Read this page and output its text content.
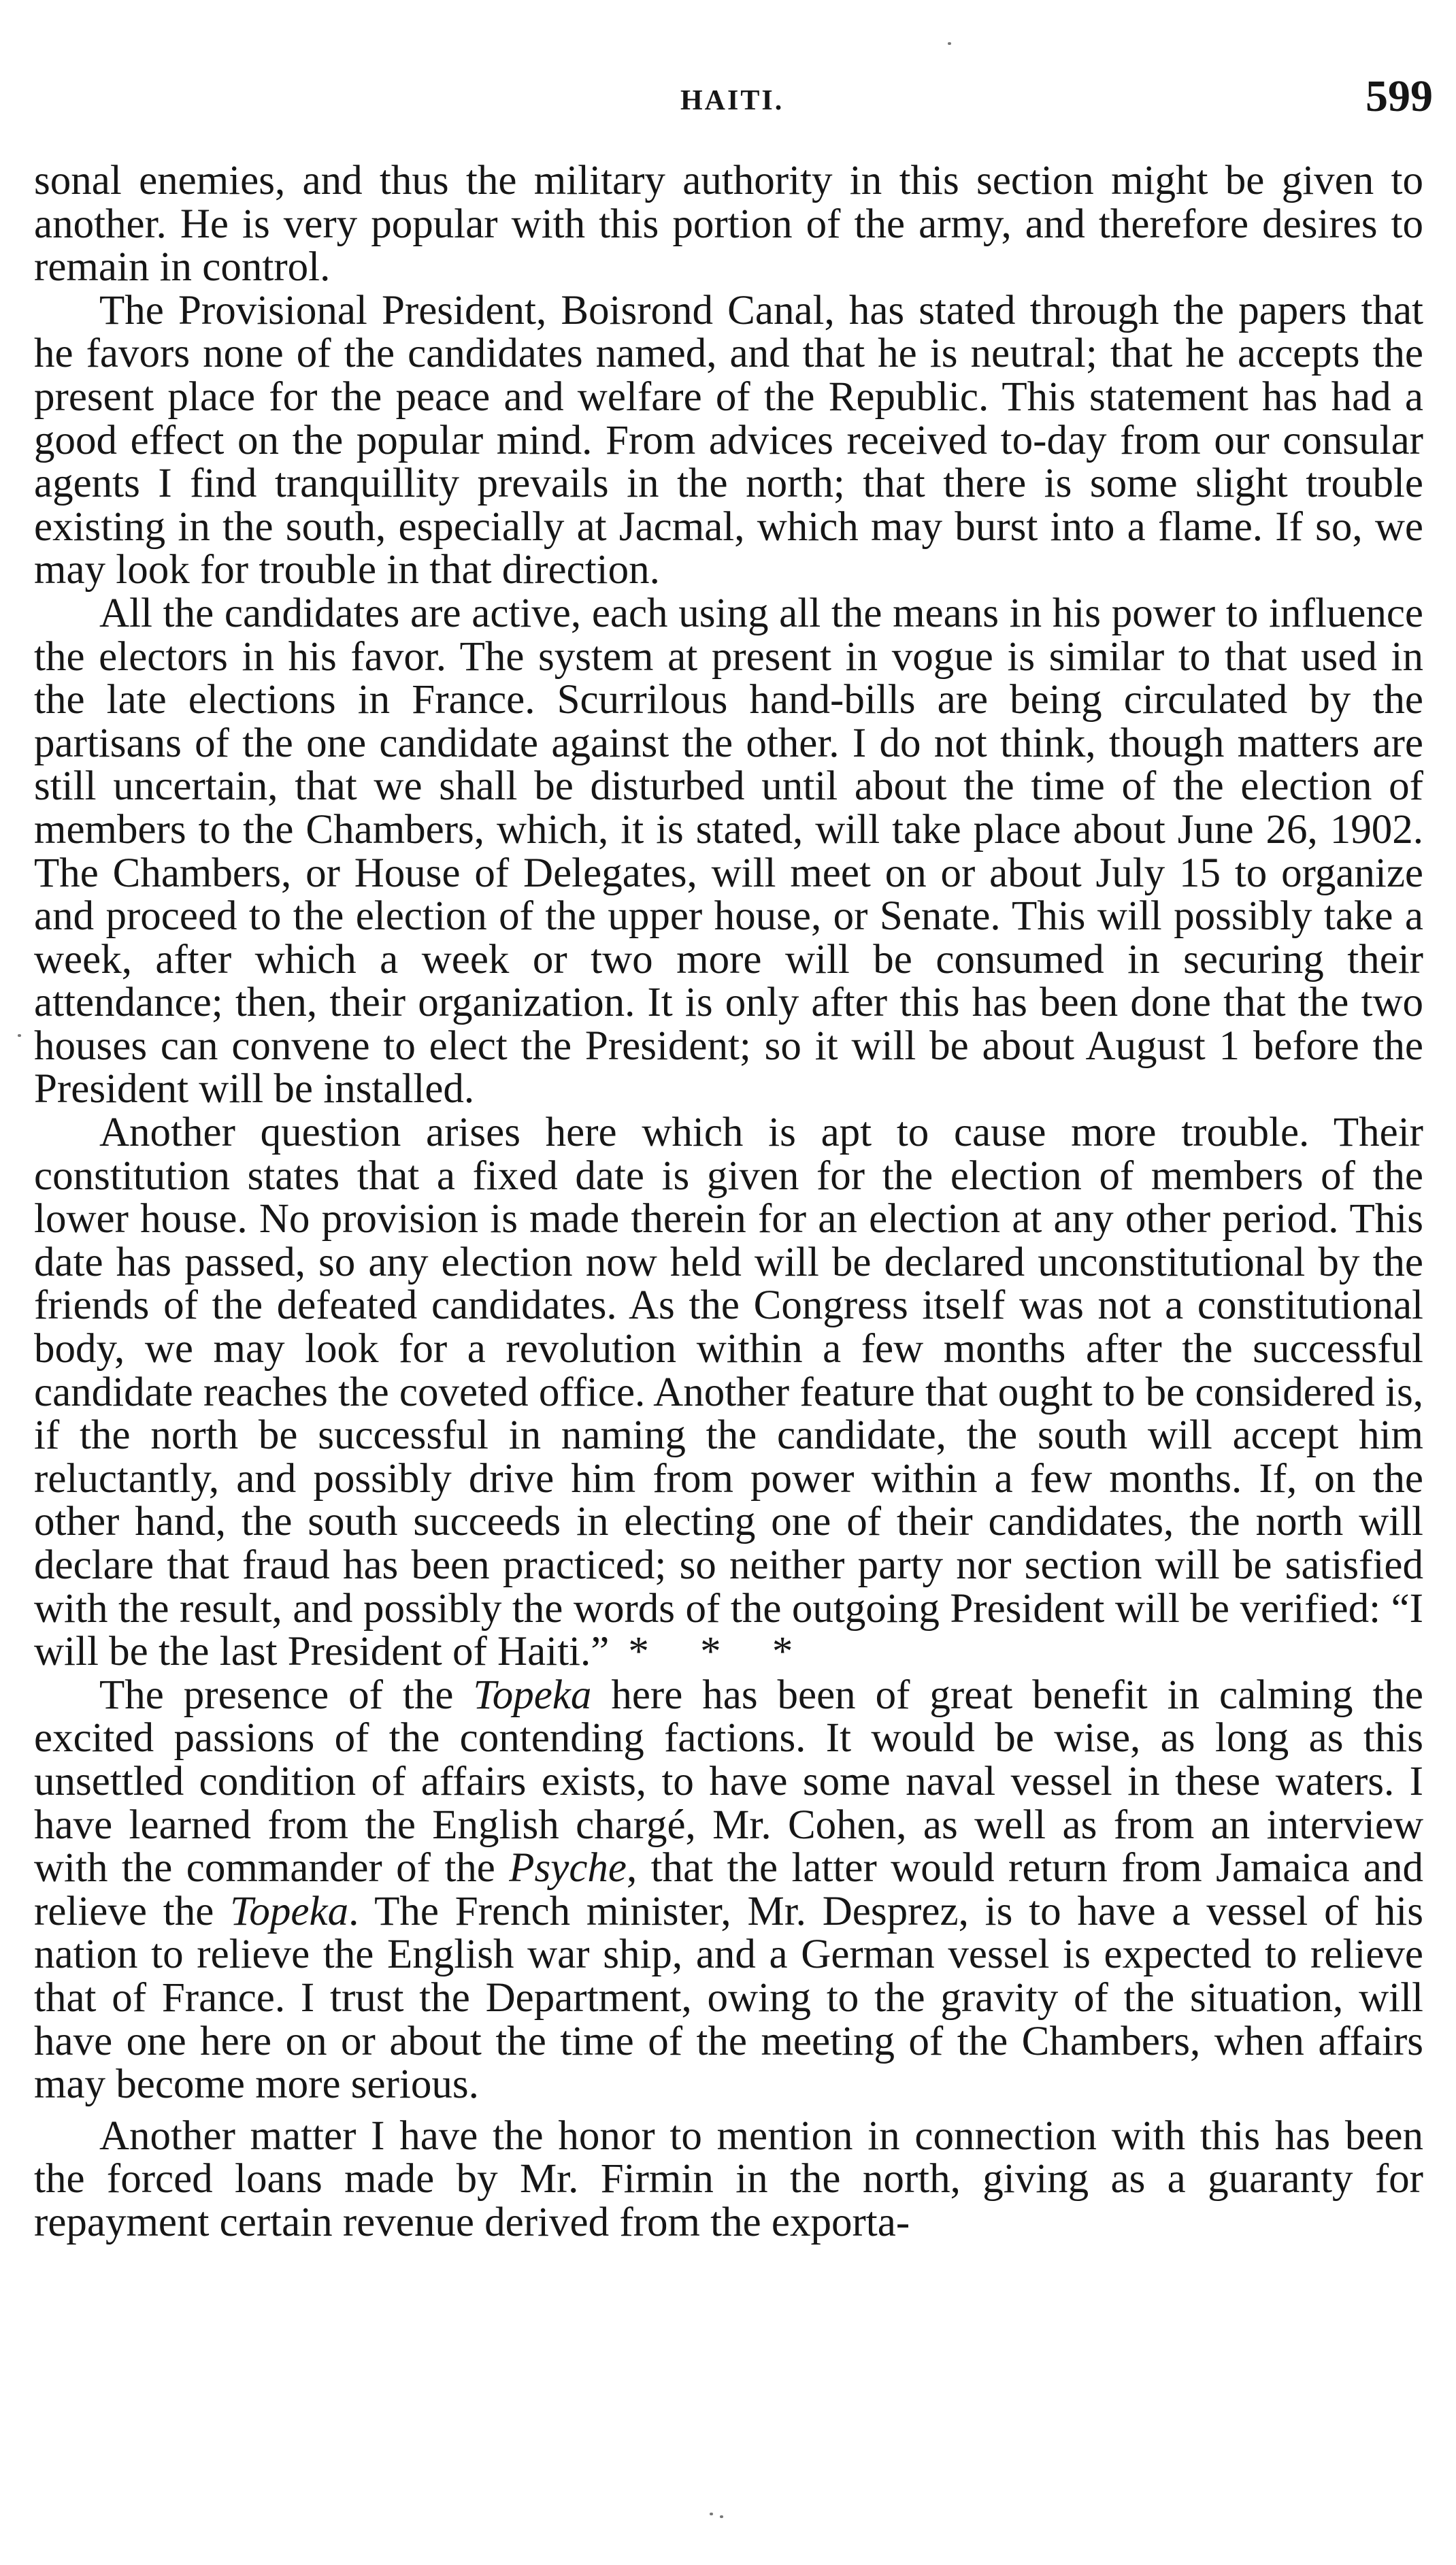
HAITI.	599

sonal enemies, and thus the military authority in this section might be given to another. He is very popular with this portion of the army, and therefore desires to remain in control.

The Provisional President, Boisrond Canal, has stated through the papers that he favors none of the candidates named, and that he is neutral; that he accepts the present place for the peace and welfare of the Republic. This statement has had a good effect on the popular mind. From advices received to-day from our consular agents I find tranquillity prevails in the north; that there is some slight trouble existing in the south, especially at Jacmal, which may burst into a flame. If so, we may look for trouble in that direction.

All the candidates are active, each using all the means in his power to influence the electors in his favor. The system at present in vogue is similar to that used in the late elections in France. Scurrilous hand-bills are being circulated by the partisans of the one candidate against the other. I do not think, though matters are still uncertain, that we shall be disturbed until about the time of the election of members to the Chambers, which, it is stated, will take place about June 26, 1902. The Chambers, or House of Delegates, will meet on or about July 15 to organize and proceed to the election of the upper house, or Senate. This will possibly take a week, after which a week or two more will be consumed in securing their attendance; then, their organization. It is only after this has been done that the two houses can convene to elect the President; so it will be about August 1 before the President will be installed.

Another question arises here which is apt to cause more trouble. Their constitution states that a fixed date is given for the election of members of the lower house. No provision is made therein for an election at any other period. This date has passed, so any election now held will be declared unconstitutional by the friends of the defeated candidates. As the Congress itself was not a constitutional body, we may look for a revolution within a few months after the successful candidate reaches the coveted office. Another feature that ought to be considered is, if the north be successful in naming the candidate, the south will accept him reluctantly, and possibly drive him from power within a few months. If, on the other hand, the south succeeds in electing one of their candidates, the north will declare that fraud has been practiced; so neither party nor section will be satisfied with the result, and possibly the words of the outgoing President will be verified: “I will be the last President of Haiti.” * * *

The presence of the Topeka here has been of great benefit in calming the excited passions of the contending factions. It would be wise, as long as this unsettled condition of affairs exists, to have some naval vessel in these waters. I have learned from the English chargé, Mr. Cohen, as well as from an interview with the commander of the Psyche, that the latter would return from Jamaica and relieve the Topeka. The French minister, Mr. Desprez, is to have a vessel of his nation to relieve the English war ship, and a German vessel is expected to relieve that of France. I trust the Department, owing to the gravity of the situation, will have one here on or about the time of the meeting of the Chambers, when affairs may become more serious.

Another matter I have the honor to mention in connection with this has been the forced loans made by Mr. Firmin in the north, giving as a guaranty for repayment certain revenue derived from the exporta-
